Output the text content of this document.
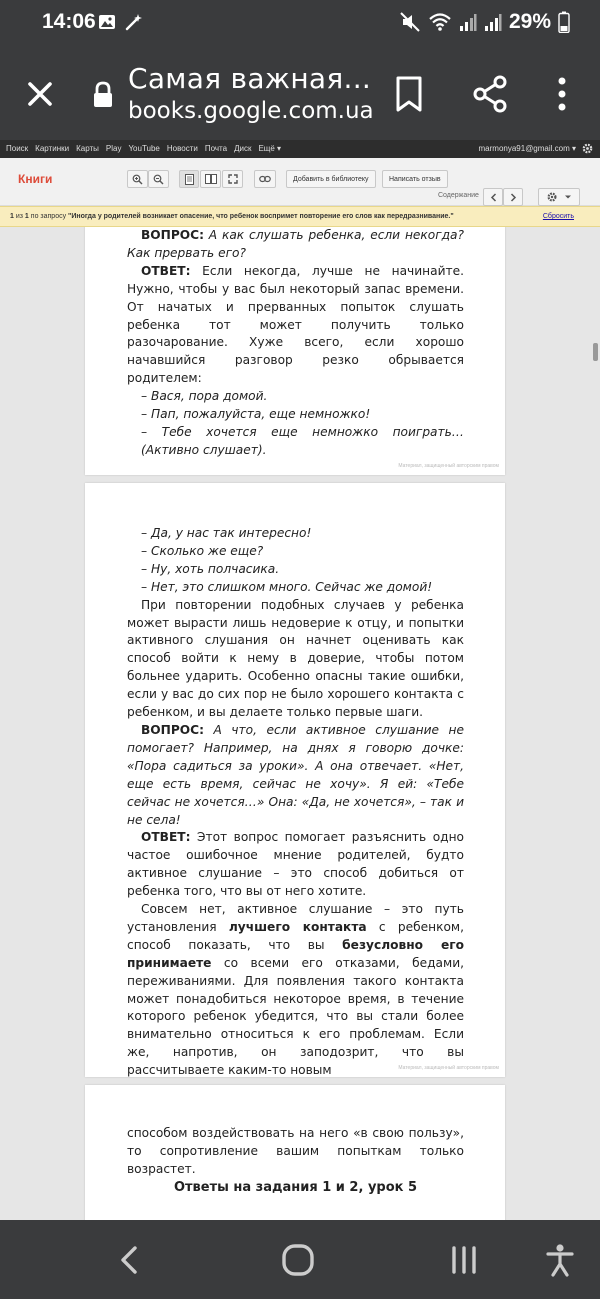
14:06	29%
Самая важная...
books.google.com.ua
Поиск Картинки Карты Play YouTube Новости Почта Диск Ещё ▾	marmonya91@gmail.com ▾
Книги	Добавить в библиотеку	Написать отзыв
Содержание
1 из 1 по запросу "Иногда у родителей возникает опасение, что ребенок воспримет повторение его слов как передразнивание."	Сбросить

ВОПРОС: А как слушать ребенка, если некогда? Как прервать его?

ОТВЕТ: Если некогда, лучше не начинайте. Нужно, чтобы у вас был некоторый запас времени. От начатых и прерванных попыток слушать ребенка тот может получить только разочарование. Хуже всего, если хорошо начавшийся разговор резко обрывается родителем:

– Вася, пора домой.

– Пап, пожалуйста, еще немножко!

– Тебе хочется еще немножко поиграть… (Активно слушает).

Материал, защищенный авторским правом

– Да, у нас так интересно!

– Сколько же еще?

– Ну, хоть полчасика.

– Нет, это слишком много. Сейчас же домой!

При повторении подобных случаев у ребенка может вырасти лишь недоверие к отцу, и попытки активного слушания он начнет оценивать как способ войти к нему в доверие, чтобы потом больнее ударить. Особенно опасны такие ошибки, если у вас до сих пор не было хорошего контакта с ребенком, и вы делаете только первые шаги.

ВОПРОС: А что, если активное слушание не помогает? Например, на днях я говорю дочке: «Пора садиться за уроки». А она отвечает. «Нет, еще есть время, сейчас не хочу». Я ей: «Тебе сейчас не хочется…» Она: «Да, не хочется», – так и не села!

ОТВЕТ: Этот вопрос помогает разъяснить одно частое ошибочное мнение родителей, будто активное слушание – это способ добиться от ребенка того, что вы от него хотите.

Совсем нет, активное слушание – это путь установления лучшего контакта с ребенком, способ показать, что вы безусловно его принимаете со всеми его отказами, бедами, переживаниями. Для появления такого контакта может понадобиться некоторое время, в течение которого ребенок убедится, что вы стали более внимательно относиться к его проблемам. Если же, напротив, он заподозрит, что вы рассчитываете каким-то новым	Материал, защищенный авторским правом

способом воздействовать на него «в свою пользу», то сопротивление вашим попыткам только возрастет.

Ответы на задания 1 и 2, урок 5
